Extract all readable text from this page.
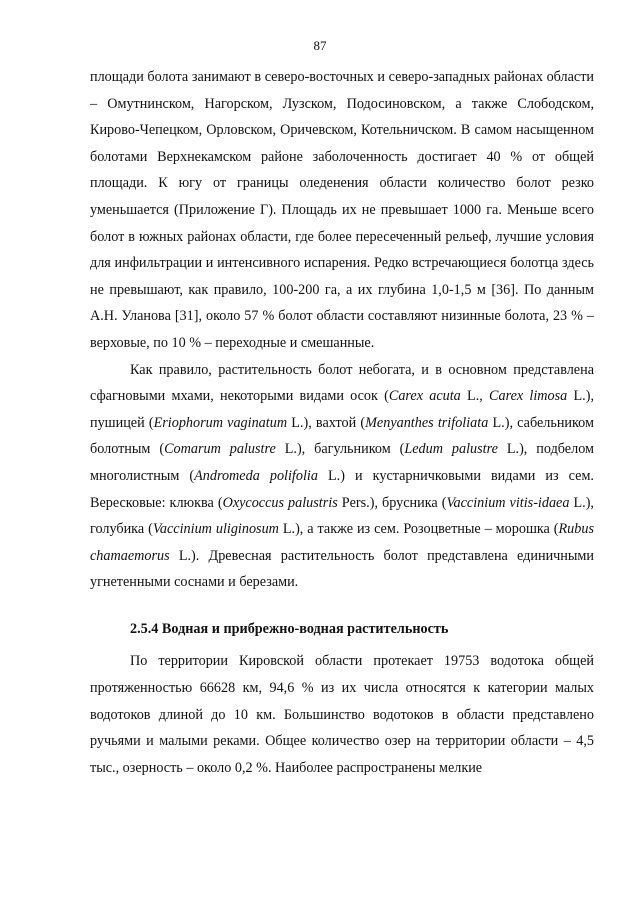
87

площади болота занимают в северо-восточных и северо-западных районах области – Омутнинском, Нагорском, Лузском, Подосиновском, а также Слободском, Кирово-Чепецком, Орловском, Оричевском, Котельничском. В самом насыщенном болотами Верхнекамском районе заболоченность достигает 40 % от общей площади. К югу от границы оледенения области количество болот резко уменьшается (Приложение Г). Площадь их не превышает 1000 га. Меньше всего болот в южных районах области, где более пересеченный рельеф, лучшие условия для инфильтрации и интенсивного испарения. Редко встречающиеся болотца здесь не превышают, как правило, 100-200 га, а их глубина 1,0-1,5 м [36]. По данным А.Н. Уланова [31], около 57 % болот области составляют низинные болота, 23 % – верховые, по 10 % – переходные и смешанные.

Как правило, растительность болот небогата, и в основном представлена сфагновыми мхами, некоторыми видами осок (Carex acuta L., Carex limosa L.), пушицей (Eriophorum vaginatum L.), вахтой (Menyanthes trifoliata L.), сабельником болотным (Comarum palustre L.), багульником (Ledum palustre L.), подбелом многолистным (Andromeda polifolia L.) и кустарничковыми видами из сем. Вересковые: клюква (Oxycoccus palustris Pers.), брусника (Vaccinium vitis-idaea L.), голубика (Vaccinium uliginosum L.), а также из сем. Розоцветные – морошка (Rubus chamaemorus L.). Древесная растительность болот представлена единичными угнетенными соснами и березами.

2.5.4 Водная и прибрежно-водная растительность

По территории Кировской области протекает 19753 водотока общей протяженностью 66628 км, 94,6 % из их числа относятся к категории малых водотоков длиной до 10 км. Большинство водотоков в области представлено ручьями и малыми реками. Общее количество озер на территории области – 4,5 тыс., озерность – около 0,2 %. Наиболее распространены мелкие
